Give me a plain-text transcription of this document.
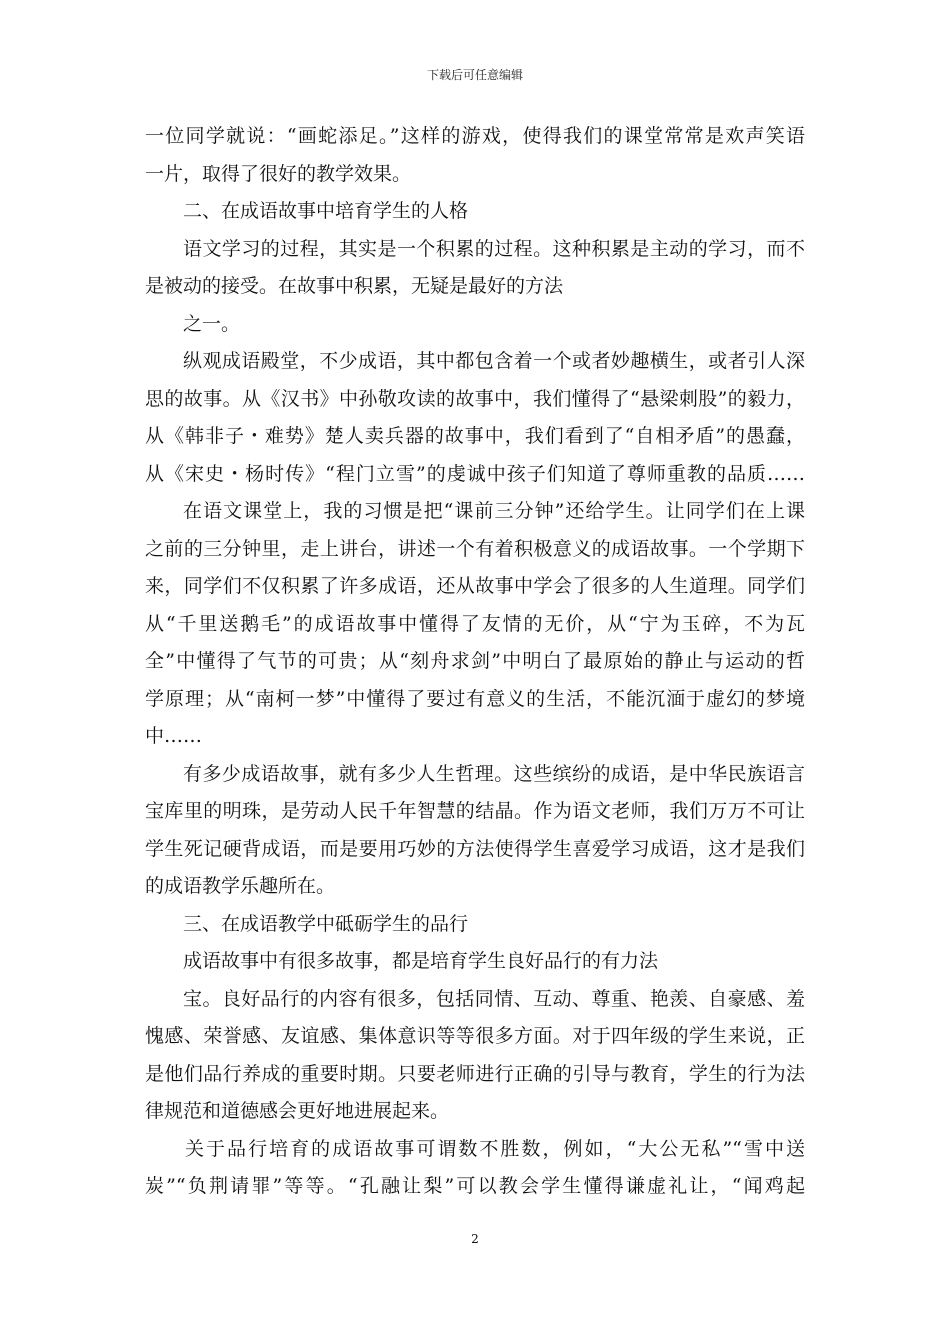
下载后可任意编辑
一位同学就说：“画蛇添足。”这样的游戏，使得我们的课堂常常是欢声笑语
一片，取得了很好的教学效果。
二、在成语故事中培育学生的人格
语文学习的过程，其实是一个积累的过程。这种积累是主动的学习，而不
是被动的接受。在故事中积累，无疑是最好的方法
之一。
纵观成语殿堂，不少成语，其中都包含着一个或者妙趣横生，或者引人深
思的故事。从《汉书》中孙敬攻读的故事中，我们懂得了“悬梁刺股”的毅力，
从《韩非子・难势》楚人卖兵器的故事中，我们看到了“自相矛盾”的愚蠢，
从《宋史・杨时传》“程门立雪”的虔诚中孩子们知道了尊师重教的品质……
在语文课堂上，我的习惯是把“课前三分钟”还给学生。让同学们在上课
之前的三分钟里，走上讲台，讲述一个有着积极意义的成语故事。一个学期下
来，同学们不仅积累了许多成语，还从故事中学会了很多的人生道理。同学们
从“千里送鹅毛”的成语故事中懂得了友情的无价，从“宁为玉碎，不为瓦
全”中懂得了气节的可贵；从“刻舟求剑”中明白了最原始的静止与运动的哲
学原理；从“南柯一梦”中懂得了要过有意义的生活，不能沉湎于虚幻的梦境
中……
有多少成语故事，就有多少人生哲理。这些缤纷的成语，是中华民族语言
宝库里的明珠，是劳动人民千年智慧的结晶。作为语文老师，我们万万不可让
学生死记硬背成语，而是要用巧妙的方法使得学生喜爱学习成语，这才是我们
的成语教学乐趣所在。
三、在成语教学中砥砺学生的品行
成语故事中有很多故事，都是培育学生良好品行的有力法
宝。良好品行的内容有很多，包括同情、互动、尊重、艳羡、自豪感、羞
愧感、荣誉感、友谊感、集体意识等等很多方面。对于四年级的学生来说，正
是他们品行养成的重要时期。只要老师进行正确的引导与教育，学生的行为法
律规范和道德感会更好地进展起来。
关于品行培育的成语故事可谓数不胜数，例如，“大公无私”“雪中送
炭”“负荆请罪”等等。“孔融让梨”可以教会学生懂得谦虚礼让，“闻鸡起
2
